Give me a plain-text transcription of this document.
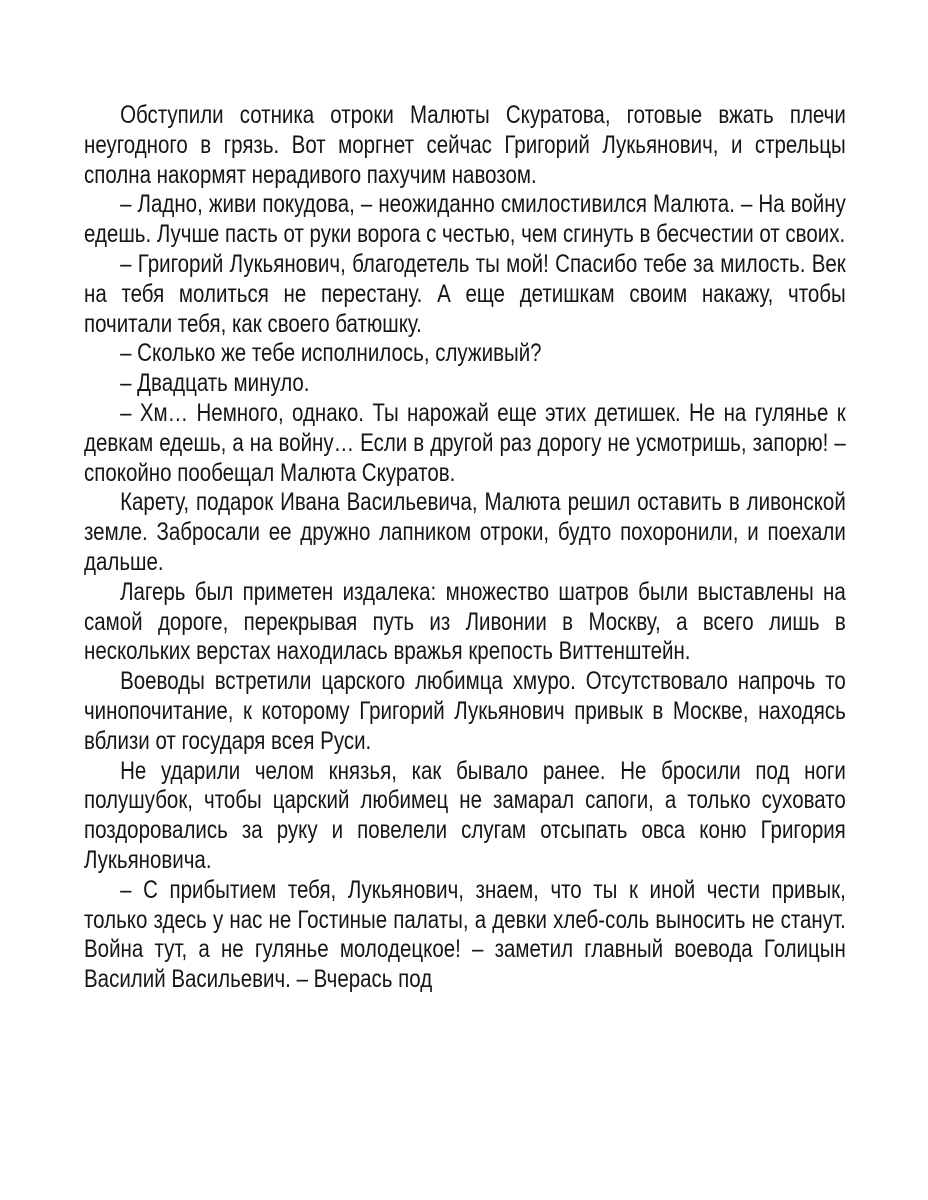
Обступили сотника отроки Малюты Скуратова, готовые вжать плечи неугодного в грязь. Вот моргнет сейчас Григорий Лукьянович, и стрельцы сполна накормят нерадивого пахучим навозом.

– Ладно, живи покудова, – неожиданно смилостивился Малюта. – На войну едешь. Лучше пасть от руки ворога с честью, чем сгинуть в бесчестии от своих.

– Григорий Лукьянович, благодетель ты мой! Спасибо тебе за милость. Век на тебя молиться не перестану. А еще детишкам своим накажу, чтобы почитали тебя, как своего батюшку.

– Сколько же тебе исполнилось, служивый?

– Двадцать минуло.

– Хм… Немного, однако. Ты нарожай еще этих детишек. Не на гулянье к девкам едешь, а на войну… Если в другой раз дорогу не усмотришь, запорю! – спокойно пообещал Малюта Скуратов.

Карету, подарок Ивана Васильевича, Малюта решил оставить в ливонской земле. Забросали ее дружно лапником отроки, будто похоронили, и поехали дальше.

Лагерь был приметен издалека: множество шатров были выставлены на самой дороге, перекрывая путь из Ливонии в Москву, а всего лишь в нескольких верстах находилась вражья крепость Виттенштейн.

Воеводы встретили царского любимца хмуро. Отсутствовало напрочь то чинопочитание, к которому Григорий Лукьянович привык в Москве, находясь вблизи от государя всея Руси.

Не ударили челом князья, как бывало ранее. Не бросили под ноги полушубок, чтобы царский любимец не замарал сапоги, а только суховато поздоровались за руку и повелели слугам отсыпать овса коню Григория Лукьяновича.

– С прибытием тебя, Лукьянович, знаем, что ты к иной чести привык, только здесь у нас не Гостиные палаты, а девки хлеб-соль выносить не станут. Война тут, а не гулянье молодецкое! – заметил главный воевода Голицын Василий Васильевич. – Вчерась под
